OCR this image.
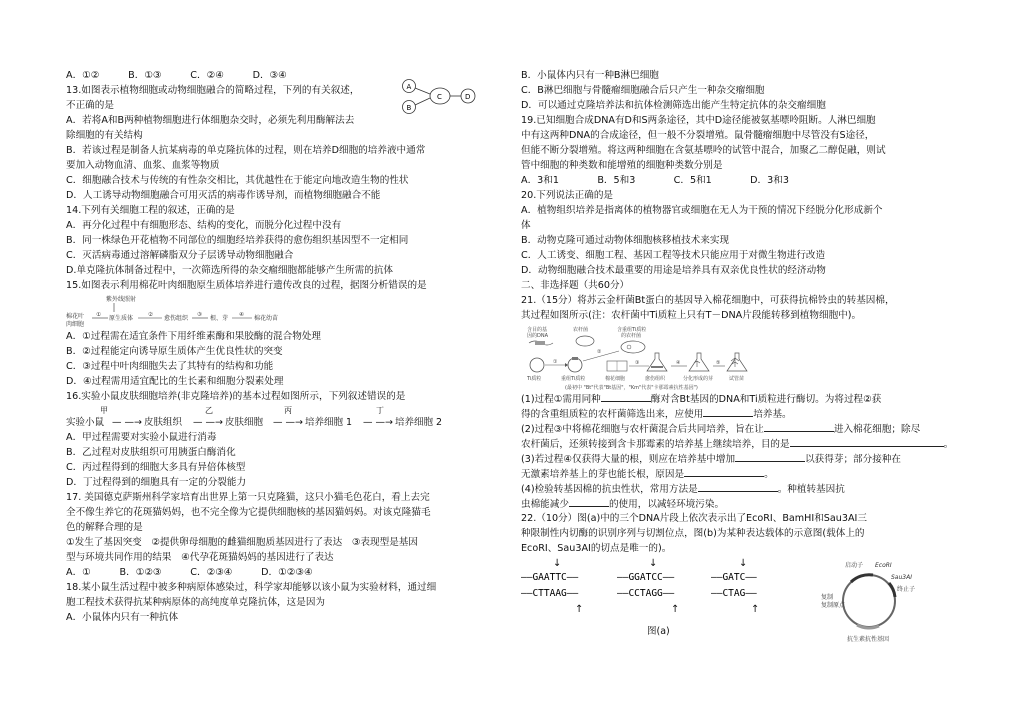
A．①②　　　B．①③　　　C．②④　　　D．③④
13.如图表示植物细胞或动物细胞融合的简略过程，下列的有关叙述，
不正确的是
A．若将A和B两种植物细胞进行体细胞杂交时，必须先利用酶解法去
除细胞的有关结构
B．若该过程是制备人抗某病毒的单克隆抗体的过程，则在培养D细胞的培养液中通常
要加入动物血清、血浆、血浆等物质
C．细胞融合技术与传统的有性杂交相比，其优越性在于能定向地改造生物的性状
D．人工诱导动物细胞融合可用灭活的病毒作诱导剂，而植物细胞融合不能
A
B
C	D
14.下列有关细胞工程的叙述，正确的是
A．再分化过程中有细胞形态、结构的变化，而脱分化过程中没有
B．同一株绿色开花植物不同部位的细胞经培养获得的愈伤组织基因型不一定相同
C．灭活病毒通过溶解磷脂双分子层诱导动物细胞融合
D.单克隆抗体制备过程中，一次筛选所得的杂交瘤细胞都能够产生所需的抗体
15.如图表示利用棉花叶肉细胞原生质体培养进行遗传改良的过程，据图分析错误的是
紫外线照射
棉花叶
肉细胞
① 原生质体	② 愈伤组织 ③ 根、芽 ④ 棉花幼苗
A．①过程需在适宜条件下用纤维素酶和果胶酶的混合物处理
B．②过程能定向诱导原生质体产生优良性状的突变
C．③过程中叶肉细胞失去了其特有的结构和功能
D．④过程需用适宜配比的生长素和细胞分裂素处理
16.实验小鼠皮肤细胞培养(非克隆培养)的基本过程如图所示，下列叙述错误的是
甲	乙	丙	丁
实验小鼠 — —→ 皮肤组织 — —→ 皮肤细胞 — —→ 培养细胞 1 — —→ 培养细胞 2
A．甲过程需要对实验小鼠进行消毒
B．乙过程对皮肤组织可用胰蛋白酶消化
C．丙过程得到的细胞大多具有异倍体核型
D．丁过程得到的细胞具有一定的分裂能力
17. 美国德克萨斯州科学家培育出世界上第一只克隆猫，这只小猫毛色花白，看上去完
全不像生养它的花斑猫妈妈，也不完全像为它提供细胞核的基因猫妈妈。对该克隆猫毛
色的解释合理的是
①发生了基因突变　②提供卵母细胞的雌猫细胞质基因进行了表达　③表现型是基因
型与环境共同作用的结果　④代孕花斑猫妈妈的基因进行了表达
A．①　　　B．①②③　　　C．②③④　　　D．①②③④
18.某小鼠生活过程中被多种病原体感染过，科学家却能够以该小鼠为实验材料，通过细
胞工程技术获得抗某种病原体的高纯度单克隆抗体，这是因为
A．小鼠体内只有一种抗体
B．小鼠体内只有一种B淋巴细胞
C．B淋巴细胞与骨髓瘤细胞融合后只产生一种杂交瘤细胞
D．可以通过克隆培养法和抗体检测筛选出能产生特定抗体的杂交瘤细胞
19.已知细胞合成DNA有D和S两条途径，其中D途径能被氨基嘌呤阻断。人淋巴细胞
中有这两种DNA的合成途径，但一般不分裂增殖。鼠骨髓瘤细胞中尽管没有S途径，
但能不断分裂增殖。将这两种细胞在含氨基嘌呤的试管中混合，加聚乙二醇促融，则试
管中细胞的种类数和能增殖的细胞种类数分别是
A．3和1　　　　B．5和3　　　　C．5和1　　　　D．3和3
20.下列说法正确的是
A．植物组织培养是指离体的植物器官或细胞在无人为干预的情况下经脱分化形成新个
体
B．动物克隆可通过动物体细胞核移植技术来实现
C．人工诱变、细胞工程、基因工程等技术只能应用于对微生物进行改造
D．动物细胞融合技术最重要的用途是培养具有双亲优良性状的经济动物
二、非选择题（共60分）
21.（15分）将苏云金杆菌Bt蛋白的基因导入棉花细胞中，可获得抗棉铃虫的转基因棉，
其过程如图所示(注：农杆菌中Ti质粒上只有T－DNA片段能转移到植物细胞中)。
含目的基
因的DNA
农杆菌	含重组Ti质粒
的农杆菌
①
②
③	④	⑤
Ti质粒	重组Ti质粒	棉花细胞	愈伤组织	分化形成的芽	试管苗
(最初中 "Bt"代表"Bt基因"，"Km"代表"卡那霉素抗性基因")
(1)过程①需用同种	酶对含Bt基因的DNA和Ti质粒进行酶切。为将过程②获
得的含重组质粒的农杆菌筛选出来，应使用	培养基。
(2)过程③中将棉花细胞与农杆菌混合后共同培养，旨在让	进入棉花细胞；除尽
农杆菌后，还须转接到含卡那霉素的培养基上继续培养，目的是	。
(3)若过程④仅获得大量的根，则应在培养基中增加	以获得芽；部分接种在
无激素培养基上的芽也能长根，原因是	。
(4)检验转基因棉的抗虫性状，常用方法是	。种植转基因抗
虫棉能减少	的使用，以减轻环境污染。
22.（10分）图(a)中的三个DNA片段上依次表示出了EcoRⅠ、BamHⅠ和Sau3AⅠ三
种限制性内切酶的识别序列与切割位点，图(b)为某种表达载体的示意图(载体上的
EcoRⅠ、Sau3AⅠ的切点是唯一的)。
↓	↓	↓
——GAATTC——
——CTTAAG——
——GGATCC——
——CCTAGG——
——GATC——
——CTAG——
↑	↑	↑
图(a)
启动子 EcoRⅠ
Sau3AⅠ
终止子
复制
复制原点
抗生素抗性基因
